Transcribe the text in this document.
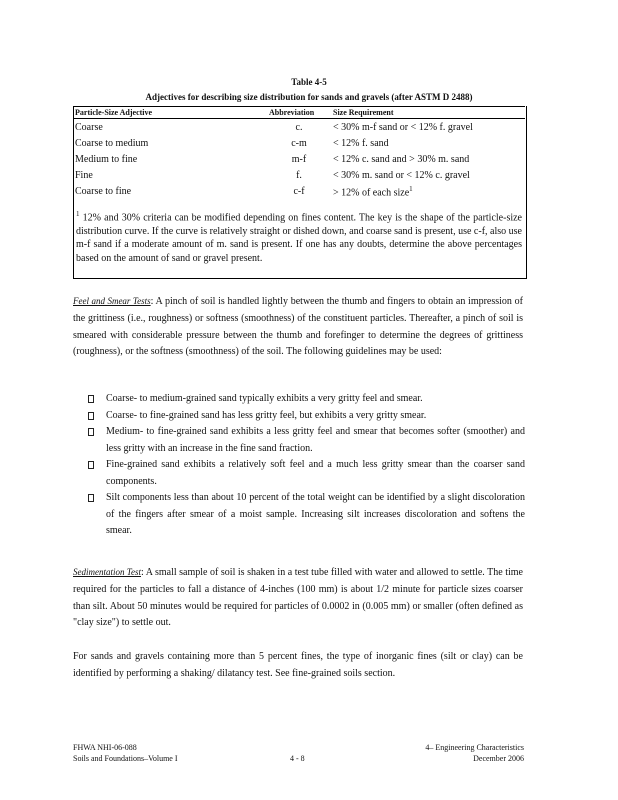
Table 4-5
Adjectives for describing size distribution for sands and gravels (after ASTM D 2488)
Particle-Size Adjective	Abbreviation	Size Requirement
Coarse	c.	< 30% m-f sand or < 12% f. gravel
Coarse to medium	c-m	< 12% f. sand
Medium to fine	m-f	< 12% c. sand and > 30% m. sand
Fine	f.	< 30% m. sand or < 12% c. gravel
Coarse to fine	c-f	> 12% of each size$^1$
$^1$ 12% and 30% criteria can be modified depending on fines content. The key is the shape of the particle-size distribution curve. If the curve is relatively straight or dished down, and coarse sand is present, use c-f, also use m-f sand if a moderate amount of m. sand is present. If one has any doubts, determine the above percentages based on the amount of sand or gravel present.
Feel and Smear Tests: A pinch of soil is handled lightly between the thumb and fingers to obtain an impression of the grittiness (i.e., roughness) or softness (smoothness) of the constituent particles. Thereafter, a pinch of soil is smeared with considerable pressure between the thumb and forefinger to determine the degrees of grittiness (roughness), or the softness (smoothness) of the soil. The following guidelines may be used:
Coarse- to medium-grained sand typically exhibits a very gritty feel and smear.
Coarse- to fine-grained sand has less gritty feel, but exhibits a very gritty smear.
Medium- to fine-grained sand exhibits a less gritty feel and smear that becomes softer (smoother) and less gritty with an increase in the fine sand fraction.
Fine-grained sand exhibits a relatively soft feel and a much less gritty smear than the coarser sand components.
Silt components less than about 10 percent of the total weight can be identified by a slight discoloration of the fingers after smear of a moist sample. Increasing silt increases discoloration and softens the smear.
Sedimentation Test: A small sample of soil is shaken in a test tube filled with water and allowed to settle. The time required for the particles to fall a distance of 4-inches (100 mm) is about 1/2 minute for particle sizes coarser than silt. About 50 minutes would be required for particles of 0.0002 in (0.005 mm) or smaller (often defined as "clay size") to settle out.
For sands and gravels containing more than 5 percent fines, the type of inorganic fines (silt or clay) can be identified by performing a shaking/ dilatancy test. See fine-grained soils section.
FHWA NHI-06-088
Soils and Foundations–Volume I	4 - 8
4– Engineering Characteristics
December 2006
